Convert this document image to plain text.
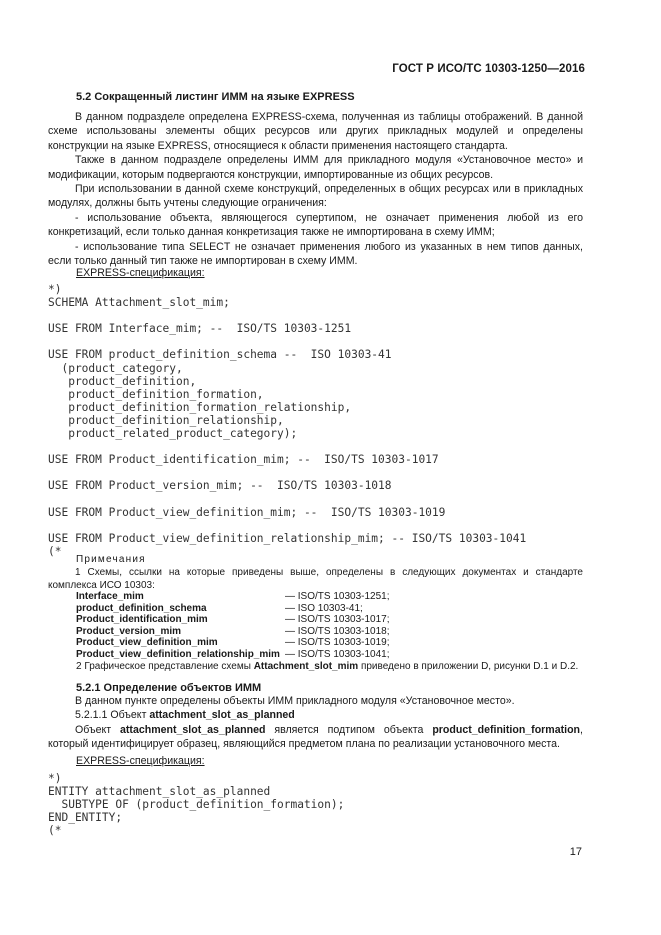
ГОСТ Р ИСО/ТС 10303-1250—2016
5.2 Сокращенный листинг ИММ на языке EXPRESS

В данном подразделе определена EXPRESS-схема, полученная из таблицы отображений. В данной схеме использованы элементы общих ресурсов или других прикладных модулей и определены конструкции на языке EXPRESS, относящиеся к области применения настоящего стандарта.

Также в данном подразделе определены ИММ для прикладного модуля «Установочное место» и модификации, которым подвергаются конструкции, импортированные из общих ресурсов.

При использовании в данной схеме конструкций, определенных в общих ресурсах или в прикладных модулях, должны быть учтены следующие ограничения:

- использование объекта, являющегося супертипом, не означает применения любой из его конкретизаций, если только данная конкретизация также не импортирована в схему ИММ;

- использование типа SELECT не означает применения любого из указанных в нем типов данных, если только данный тип также не импортирован в схему ИММ.

EXPRESS-спецификация:
*)
SCHEMA Attachment_slot_mim;

USE FROM Interface_mim; --  ISO/TS 10303-1251

USE FROM product_definition_schema --  ISO 10303-41
(product_category,
product_definition,
product_definition_formation,
product_definition_formation_relationship,
product_definition_relationship,
product_related_product_category);

USE FROM Product_identification_mim; --  ISO/TS 10303-1017

USE FROM Product_version_mim; --  ISO/TS 10303-1018

USE FROM Product_view_definition_mim; --  ISO/TS 10303-1019

USE FROM Product_view_definition_relationship_mim; -- ISO/TS 10303-1041
(*
Примечания

1 Схемы, ссылки на которые приведены выше, определены в следующих документах и стандарте комплекса ИСО 10303:

Interface_mim	— ISO/TS 10303-1251;
product_definition_schema	— ISO 10303-41;
Product_identification_mim	— ISO/TS 10303-1017;
Product_version_mim	— ISO/TS 10303-1018;
Product_view_definition_mim	— ISO/TS 10303-1019;
Product_view_definition_relationship_mim — ISO/TS 10303-1041;
2 Графическое представление схемы Attachment_slot_mim приведено в приложении D, рисунки D.1 и D.2.
5.2.1 Определение объектов ИММ

В данном пункте определены объекты ИММ прикладного модуля «Установочное место».

5.2.1.1 Объект attachment_slot_as_planned

Объект attachment_slot_as_planned является подтипом объекта product_definition_formation, который идентифицирует образец, являющийся предметом плана по реализации установочного места.

EXPRESS-спецификация:
*)
ENTITY attachment_slot_as_planned
SUBTYPE OF (product_definition_formation);
END_ENTITY;
(*
17
